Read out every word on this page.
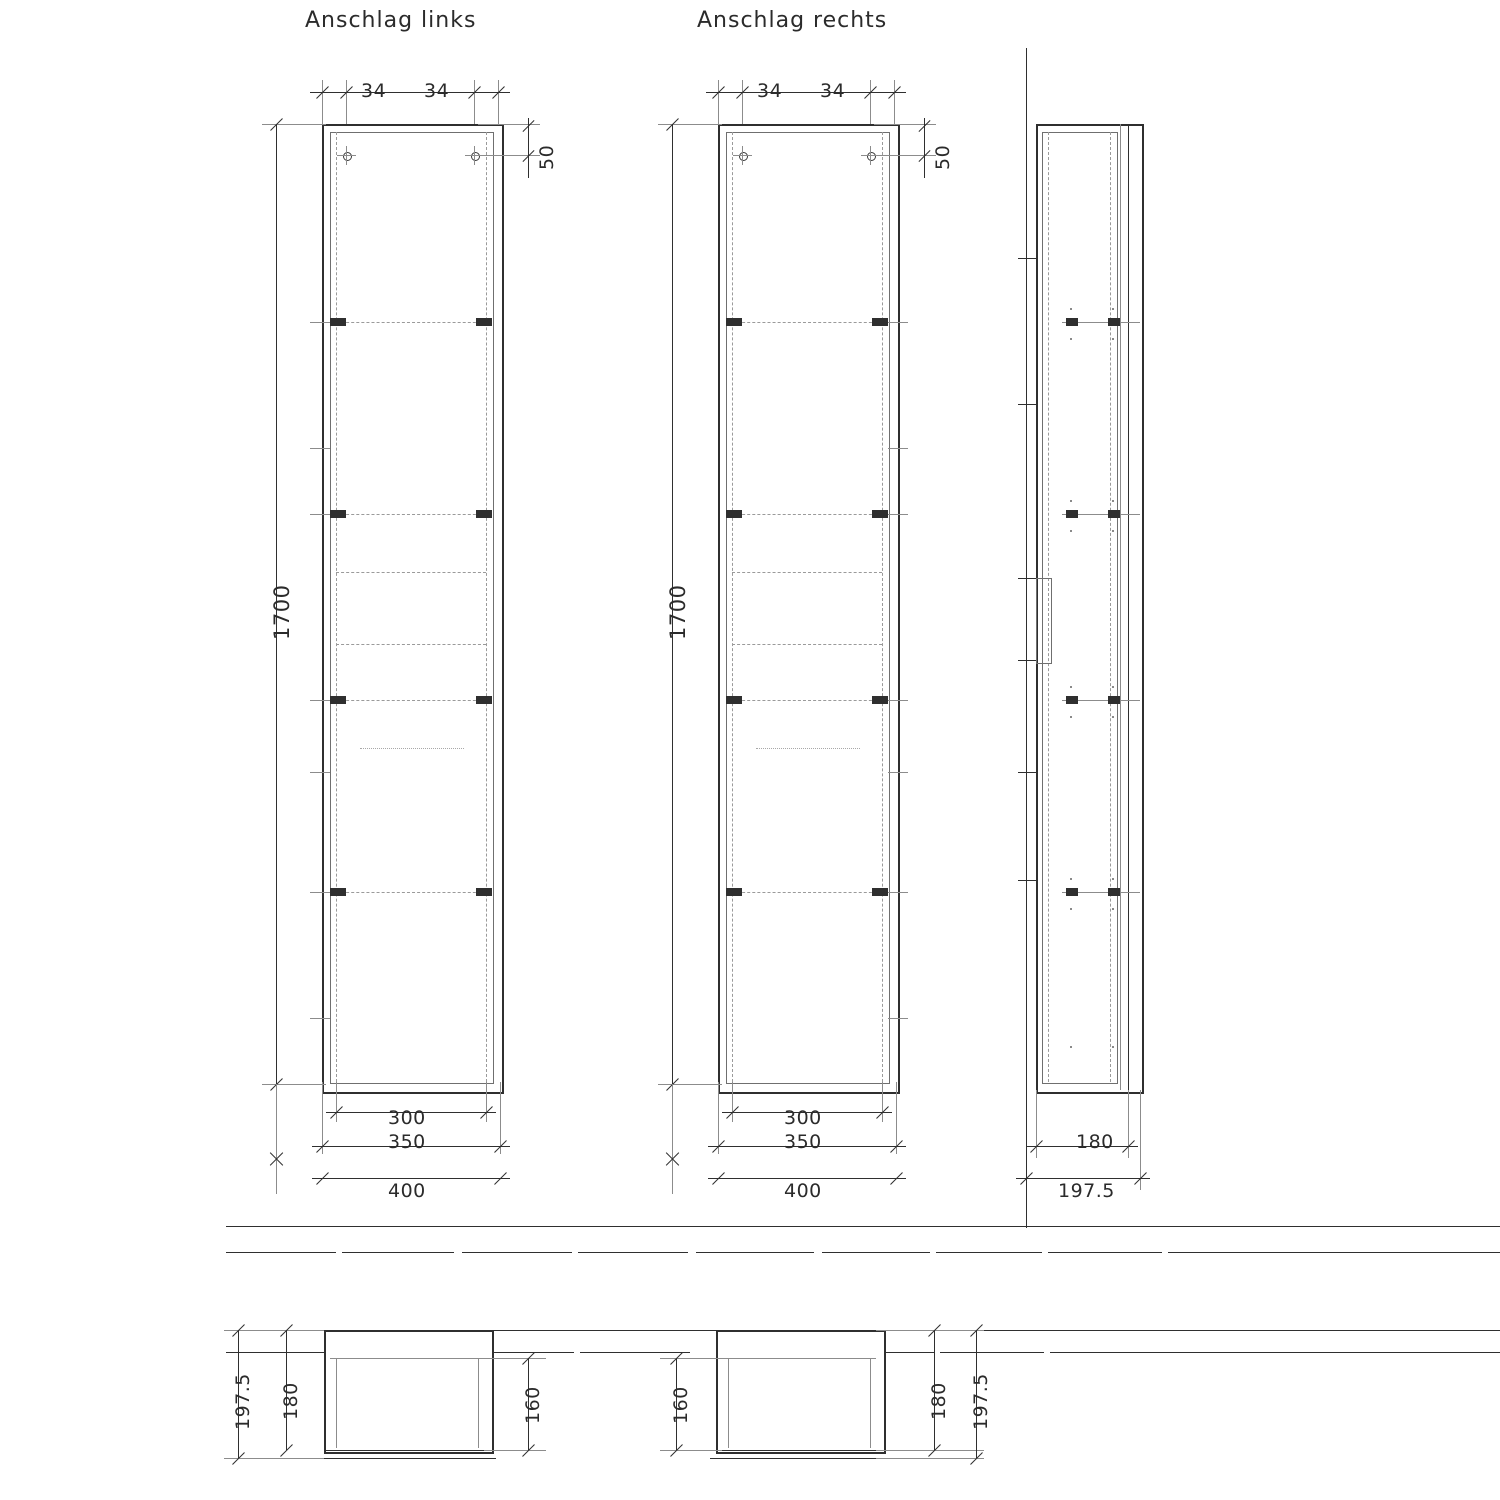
Anschlag links	Anschlag rechts
34 34
50
1700
300
350
400
34 34
50
1700
300
350
400
180
197.5
197.5 180	160	160	180 197.5
